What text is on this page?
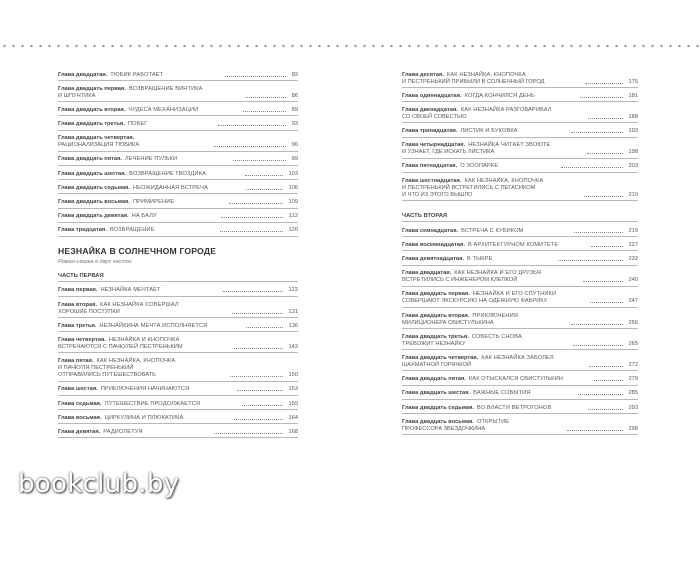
Глава двадцатая. ТЮБИК РАБОТАЕТ	82
Глава двадцать первая. ВОЗВРАЩЕНИЕ ВИНТИКА
И ШПУНТИКА	86
Глава двадцать вторая. ЧУДЕСА МЕХАНИЗАЦИИ	89
Глава двадцать третья. ПОБЕГ	93
Глава двадцать четвертая.
РАЦИОНАЛИЗАЦИЯ ТЮБИКА	96
Глава двадцать пятая. ЛЕЧЕНИЕ ПУЛЬКИ	99
Глава двадцать шестая. ВОЗВРАЩЕНИЕ ГВОЗДИКА	103
Глава двадцать седьмая. НЕОЖИДАННАЯ ВСТРЕЧА	106
Глава двадцать восьмая. ПРИМИРЕНИЕ	109
Глава двадцать девятая. НА БАЛУ	112
Глава тридцатая. ВОЗВРАЩЕНИЕ	120
НЕЗНАЙКА В СОЛНЕЧНОМ ГОРОДЕ
Роман-сказка в двух частях
ЧАСТЬ ПЕРВАЯ
Глава первая. НЕЗНАЙКА МЕЧТАЕТ	122
Глава вторая. КАК НЕЗНАЙКА СОВЕРШАЛ
ХОРОШИЕ ПОСТУПКИ	131
Глава третья. НЕЗНАЙКИНА МЕЧТА ИСПОЛНЯЕТСЯ	136
Глава четвертая. НЕЗНАЙКА И КНОПОЧКА
ВСТРЕЧАЮТСЯ С ПАЧКУЛЕЙ ПЕСТРЕНЬКИМ	142
Глава пятая. КАК НЕЗНАЙКА, КНОПОЧКА
И ПАЧКУЛЯ ПЕСТРЕНЬКИЙ
ОТПРАВИЛИСЬ ПУТЕШЕСТВОВАТЬ	150
Глава шестая. ПРИКЛЮЧЕНИЯ НАЧИНАЮТСЯ	153
Глава седьмая. ПУТЕШЕСТВИЕ ПРОДОЛЖАЕТСЯ	159
Глава восьмая. ЦИРКУЛИНА И ПЛЮКАТИКА	164
Глава девятая. РАДИОЛЕТУЯ	168
Глава десятая. КАК НЕЗНАЙКА, КНОПОЧКА
И ПЕСТРЕНЬКИЙ ПРИБЫЛИ В СОЛНЕЧНЫЙ ГОРОД	175
Глава одиннадцатая. КОГДА КОНЧИЛСЯ ДЕНЬ	181
Глава двенадцатая. КАК НЕЗНАЙКА РАЗГОВАРИВАЛ
СО СВОЕЙ СОВЕСТЬЮ	188
Глава тринадцатая. ЛИСТИК И БУКОВКА	193
Глава четырнадцатая. НЕЗНАЙКА ЧИТАЕТ ЗВОЮТЕ
И УЗНАЕТ, ГДЕ ИСКАТЬ ЛИСТИКА	198
Глава пятнадцатая. О ЗООПАРКЕ	203
Глава шестнадцатая. КАК НЕЗНАЙКА, КНОПОЧКА
И ПЕСТРЕНЬКИЙ ВСТРЕТИЛИСЬ С ПЕГАСИКОМ
И ЧТО ИЗ ЭТОГО ВЫШЛО	210
ЧАСТЬ ВТОРАЯ
Глава семнадцатая. ВСТРЕЧА С КУБИКОМ	219
Глава восемнадцатая. В АРХИТЕКТУРНОМ КОМИТЕТЕ	227
Глава девятнадцатая. В ТЫКРЕ	232
Глава двадцатая. КАК НЕЗНАЙКА И ЕГО ДРУЗЬЯ
ВСТРЕТИЛИСЬ С ИНЖЕНЕРОМ КЛЕПКОЙ	240
Глава двадцать первая. НЕЗНАЙКА И ЕГО СПУТНИКИ
СОВЕРШАЮТ ЭКСКУРСИЮ НА ОДЕЖНУЮ ФАБРИКУ	247
Глава двадцать вторая. ПРИКЛЮЧЕНИЯ
МИЛИЦИОНЕРА СВИСТУЛЬКИНА	256
Глава двадцать третья. СОВЕСТЬ СНОВА
ТРЕВОЖИТ НЕЗНАЙКУ	265
Глава двадцать четвертая. КАК НЕЗНАЙКА ЗАБОЛЕЛ
ШАХМАТНОЙ ГОРЯЧКОЙ	272
Глава двадцать пятая. КАК ОТЫСКАЛСЯ СВИСТУЛЬКИН	279
Глава двадцать шестая. ВАЖНЫЕ СОБЫТИЯ	285
Глава двадцать седьмая. ВО ВЛАСТИ ВЕТРОГОНОВ	293
Глава двадцать восьмая. ОТКРЫТИЕ
ПРОФЕССОРА ЗВЕЗДОЧКИНА	298
bookclub.by
